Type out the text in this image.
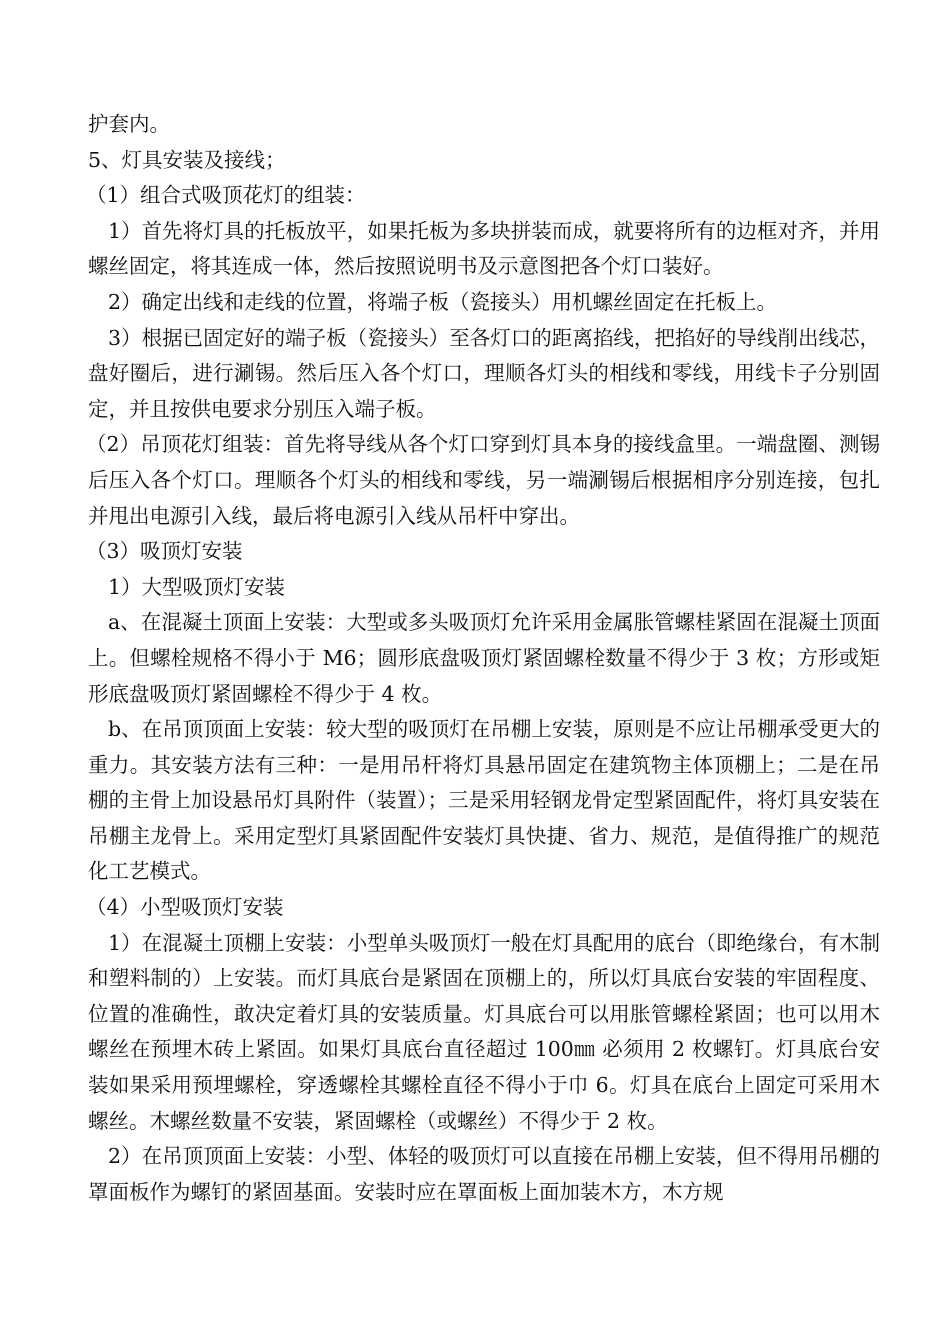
护套内。

5、灯具安装及接线；

（1）组合式吸顶花灯的组装：

1）首先将灯具的托板放平，如果托板为多块拼装而成，就要将所有的边框对齐，并用螺丝固定，将其连成一体，然后按照说明书及示意图把各个灯口装好。

2）确定出线和走线的位置，将端子板（瓷接头）用机螺丝固定在托板上。

3）根据已固定好的端子板（瓷接头）至各灯口的距离掐线，把掐好的导线削出线芯，盘好圈后，进行涮锡。然后压入各个灯口，理顺各灯头的相线和零线，用线卡子分别固定，并且按供电要求分别压入端子板。

（2）吊顶花灯组装：首先将导线从各个灯口穿到灯具本身的接线盒里。一端盘圈、测锡后压入各个灯口。理顺各个灯头的相线和零线，另一端涮锡后根据相序分别连接，包扎并甩出电源引入线，最后将电源引入线从吊杆中穿出。

（3）吸顶灯安装

1）大型吸顶灯安装

a、在混凝土顶面上安装：大型或多头吸顶灯允许采用金属胀管螺桂紧固在混凝土顶面上。但螺栓规格不得小于 M6；圆形底盘吸顶灯紧固螺栓数量不得少于 3 枚；方形或矩形底盘吸顶灯紧固螺栓不得少于 4 枚。

b、在吊顶顶面上安装：较大型的吸顶灯在吊棚上安装，原则是不应让吊棚承受更大的重力。其安装方法有三种：一是用吊杆将灯具悬吊固定在建筑物主体顶棚上；二是在吊棚的主骨上加设悬吊灯具附件（装置）；三是采用轻钢龙骨定型紧固配件，将灯具安装在吊棚主龙骨上。采用定型灯具紧固配件安装灯具快捷、省力、规范，是值得推广的规范化工艺模式。

（4）小型吸顶灯安装

1）在混凝土顶棚上安装：小型单头吸顶灯一般在灯具配用的底台（即绝缘台，有木制和塑料制的）上安装。而灯具底台是紧固在顶棚上的，所以灯具底台安装的牢固程度、位置的准确性，敢决定着灯具的安装质量。灯具底台可以用胀管螺栓紧固；也可以用木螺丝在预埋木砖上紧固。如果灯具底台直径超过 100㎜ 必须用 2 枚螺钉。灯具底台安装如果采用预埋螺栓，穿透螺栓其螺栓直径不得小于巾 6。灯具在底台上固定可采用木螺丝。木螺丝数量不安装，紧固螺栓（或螺丝）不得少于 2 枚。

2）在吊顶顶面上安装：小型、体轻的吸顶灯可以直接在吊棚上安装，但不得用吊棚的罩面板作为螺钉的紧固基面。安装时应在罩面板上面加装木方，木方规
